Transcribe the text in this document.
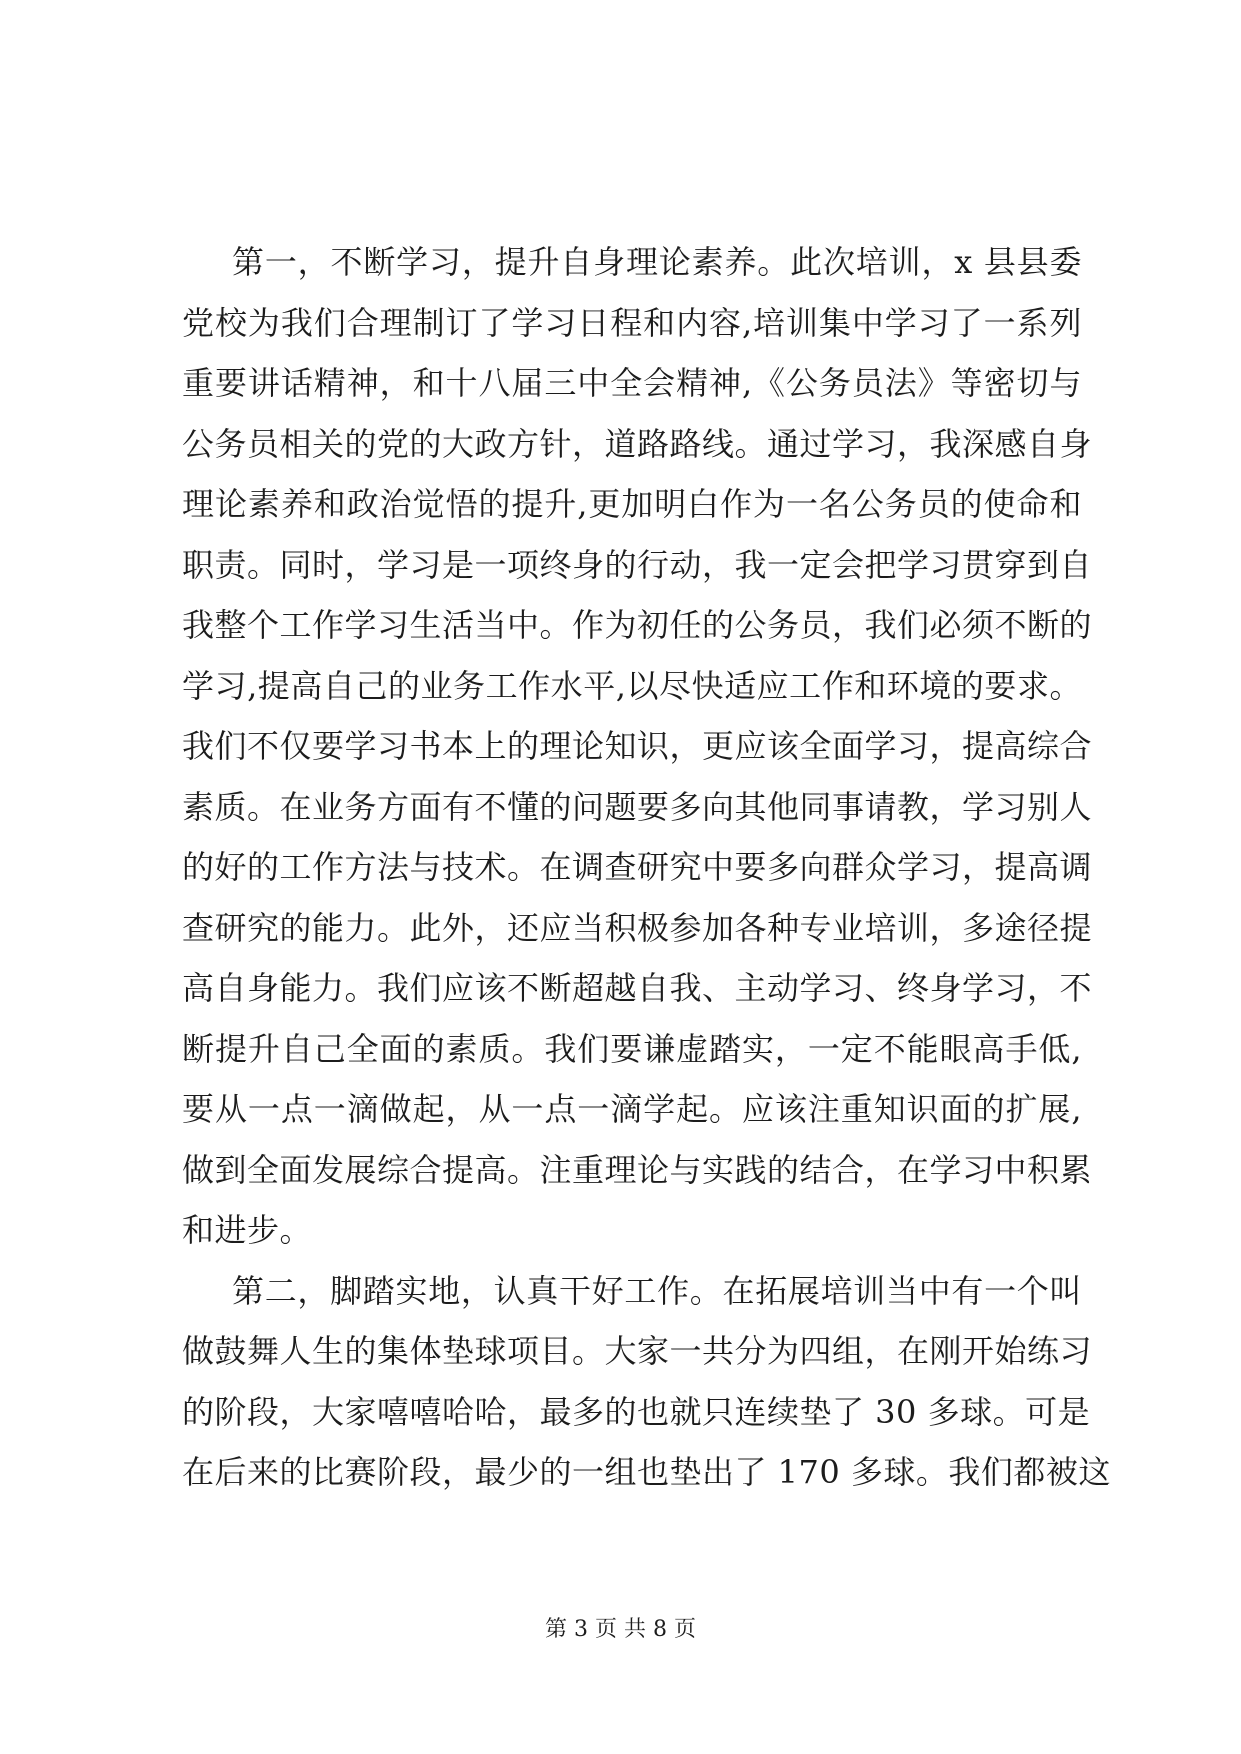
第一，不断学习，提升自身理论素养。此次培训，x 县县委
党校为我们合理制订了学习日程和内容,培训集中学习了一系列
重要讲话精神，和十八届三中全会精神,《公务员法》等密切与
公务员相关的党的大政方针，道路路线。通过学习，我深感自身
理论素养和政治觉悟的提升,更加明白作为一名公务员的使命和
职责。同时，学习是一项终身的行动，我一定会把学习贯穿到自
我整个工作学习生活当中。作为初任的公务员，我们必须不断的
学习,提高自己的业务工作水平,以尽快适应工作和环境的要求。
我们不仅要学习书本上的理论知识，更应该全面学习，提高综合
素质。在业务方面有不懂的问题要多向其他同事请教，学习别人
的好的工作方法与技术。在调查研究中要多向群众学习，提高调
查研究的能力。此外，还应当积极参加各种专业培训，多途径提
高自身能力。我们应该不断超越自我、主动学习、终身学习，不
断提升自己全面的素质。我们要谦虚踏实，一定不能眼高手低,
要从一点一滴做起，从一点一滴学起。应该注重知识面的扩展,
做到全面发展综合提高。注重理论与实践的结合，在学习中积累
和进步。
第二，脚踏实地，认真干好工作。在拓展培训当中有一个叫
做鼓舞人生的集体垫球项目。大家一共分为四组，在刚开始练习
的阶段，大家嘻嘻哈哈，最多的也就只连续垫了 30 多球。可是
在后来的比赛阶段，最少的一组也垫出了 170 多球。我们都被这
第 3 页 共 8 页
